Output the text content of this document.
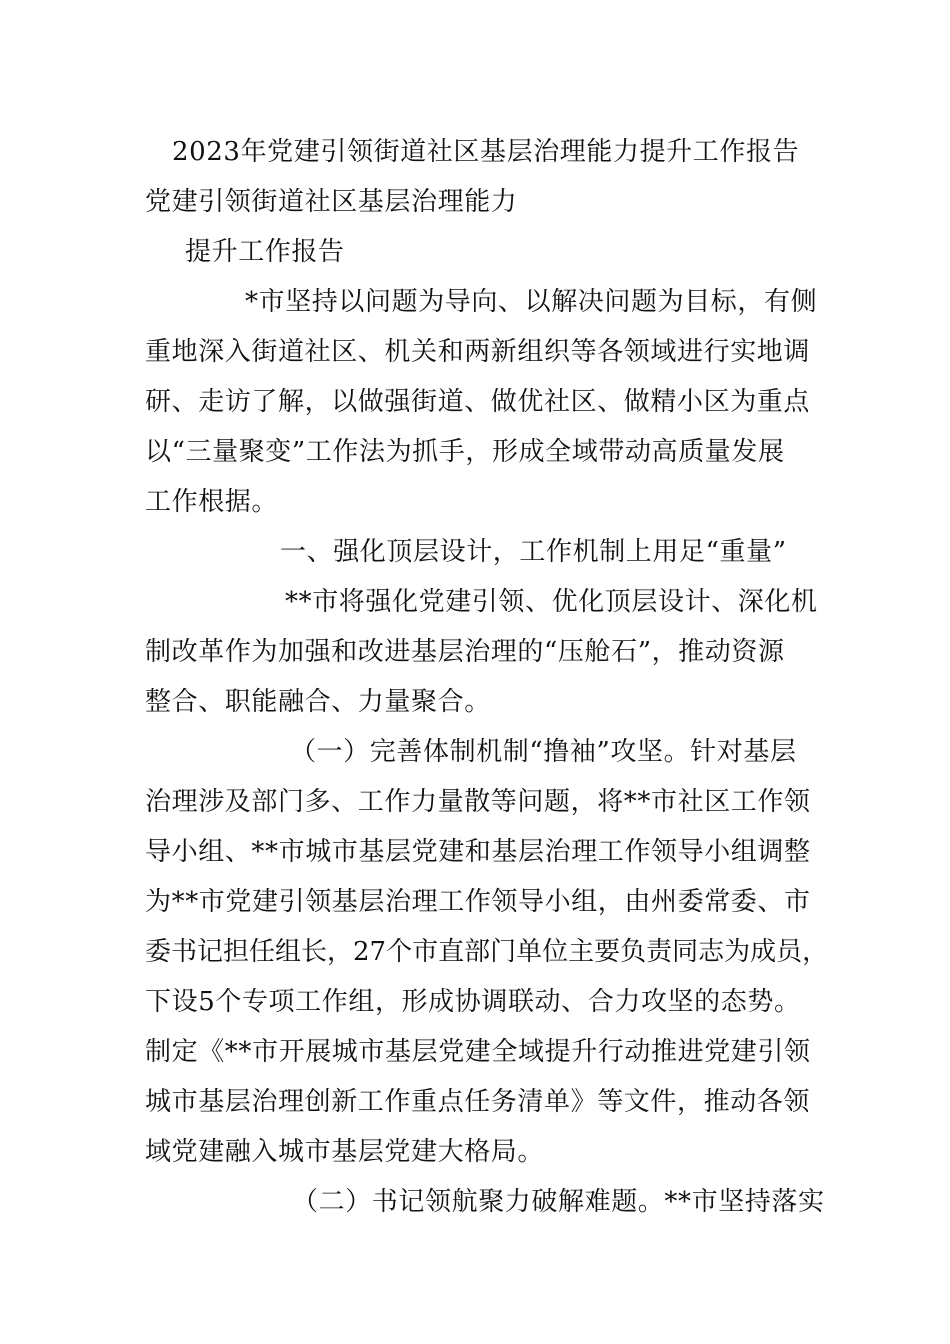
2023年党建引领街道社区基层治理能力提升工作报告
党建引领街道社区基层治理能力
提升工作报告
*市坚持以问题为导向、以解决问题为目标，有侧
重地深入街道社区、机关和两新组织等各领域进行实地调
研、走访了解，以做强街道、做优社区、做精小区为重点
以“三量聚变”工作法为抓手，形成全域带动高质量发展
工作根据。
一、强化顶层设计，工作机制上用足“重量”
**市将强化党建引领、优化顶层设计、深化机
制改革作为加强和改进基层治理的“压舱石”，推动资源
整合、职能融合、力量聚合。
（一）完善体制机制“撸袖”攻坚。针对基层
治理涉及部门多、工作力量散等问题，将**市社区工作领
导小组、**市城市基层党建和基层治理工作领导小组调整
为**市党建引领基层治理工作领导小组，由州委常委、市
委书记担任组长，27个市直部门单位主要负责同志为成员，
下设5个专项工作组，形成协调联动、合力攻坚的态势。
制定《**市开展城市基层党建全域提升行动推进党建引领
城市基层治理创新工作重点任务清单》等文件，推动各领
域党建融入城市基层党建大格局。
（二）书记领航聚力破解难题。**市坚持落实
